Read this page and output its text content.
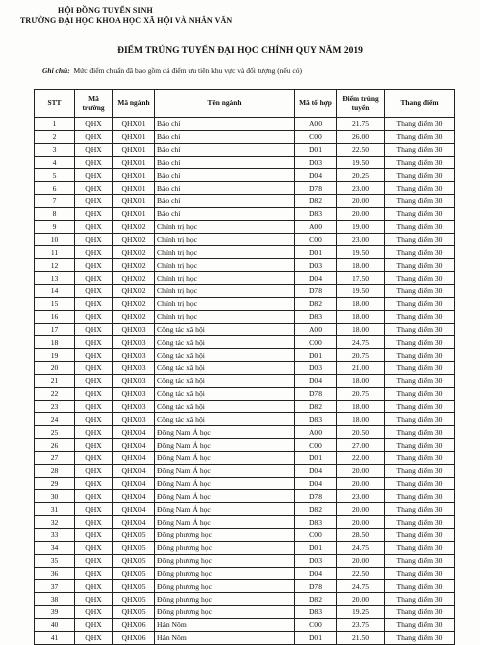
HỘI ĐỒNG TUYỂN SINH
TRƯỜNG ĐẠI HỌC KHOA HỌC XÃ HỘI VÀ NHÂN VĂN
ĐIỂM TRÚNG TUYỂN ĐẠI HỌC CHÍNH QUY NĂM 2019
Ghi chú: Mức điểm chuẩn đã bao gồm cả điểm ưu tiên khu vực và đối tượng (nếu có)
STT	Mã trường	Mã ngành	Tên ngành	Mã tổ hợp	Điểm trúng tuyển	Thang điểm
1	QHX	QHX01	Báo chí	A00	21.75	Thang điểm 30
2	QHX	QHX01	Báo chí	C00	26.00	Thang điểm 30
3	QHX	QHX01	Báo chí	D01	22.50	Thang điểm 30
4	QHX	QHX01	Báo chí	D03	19.50	Thang điểm 30
5	QHX	QHX01	Báo chí	D04	20.25	Thang điểm 30
6	QHX	QHX01	Báo chí	D78	23.00	Thang điểm 30
7	QHX	QHX01	Báo chí	D82	20.00	Thang điểm 30
8	QHX	QHX01	Báo chí	D83	20.00	Thang điểm 30
9	QHX	QHX02	Chính trị học	A00	19.00	Thang điểm 30
10	QHX	QHX02	Chính trị học	C00	23.00	Thang điểm 30
11	QHX	QHX02	Chính trị học	D01	19.50	Thang điểm 30
12	QHX	QHX02	Chính trị học	D03	18.00	Thang điểm 30
13	QHX	QHX02	Chính trị học	D04	17.50	Thang điểm 30
14	QHX	QHX02	Chính trị học	D78	19.50	Thang điểm 30
15	QHX	QHX02	Chính trị học	D82	18.00	Thang điểm 30
16	QHX	QHX02	Chính trị học	D83	18.00	Thang điểm 30
17	QHX	QHX03	Công tác xã hội	A00	18.00	Thang điểm 30
18	QHX	QHX03	Công tác xã hội	C00	24.75	Thang điểm 30
19	QHX	QHX03	Công tác xã hội	D01	20.75	Thang điểm 30
20	QHX	QHX03	Công tác xã hội	D03	21.00	Thang điểm 30
21	QHX	QHX03	Công tác xã hội	D04	18.00	Thang điểm 30
22	QHX	QHX03	Công tác xã hội	D78	20.75	Thang điểm 30
23	QHX	QHX03	Công tác xã hội	D82	18.00	Thang điểm 30
24	QHX	QHX03	Công tác xã hội	D83	18.00	Thang điểm 30
25	QHX	QHX04	Đông Nam Á học	A00	20.50	Thang điểm 30
26	QHX	QHX04	Đông Nam Á học	C00	27.00	Thang điểm 30
27	QHX	QHX04	Đông Nam Á học	D01	22.00	Thang điểm 30
28	QHX	QHX04	Đông Nam Á học	D04	20.00	Thang điểm 30
29	QHX	QHX04	Đông Nam Á học	D04	20.00	Thang điểm 30
30	QHX	QHX04	Đông Nam Á học	D78	23.00	Thang điểm 30
31	QHX	QHX04	Đông Nam Á học	D82	20.00	Thang điểm 30
32	QHX	QHX04	Đông Nam Á học	D83	20.00	Thang điểm 30
33	QHX	QHX05	Đông phương học	C00	28.50	Thang điểm 30
34	QHX	QHX05	Đông phương học	D01	24.75	Thang điểm 30
35	QHX	QHX05	Đông phương học	D03	20.00	Thang điểm 30
36	QHX	QHX05	Đông phương học	D04	22.50	Thang điểm 30
37	QHX	QHX05	Đông phương học	D78	24.75	Thang điểm 30
38	QHX	QHX05	Đông phương học	D82	20.00	Thang điểm 30
39	QHX	QHX05	Đông phương học	D83	19.25	Thang điểm 30
40	QHX	QHX06	Hán Nôm	C00	23.75	Thang điểm 30
41	QHX	QHX06	Hán Nôm	D01	21.50	Thang điểm 30
